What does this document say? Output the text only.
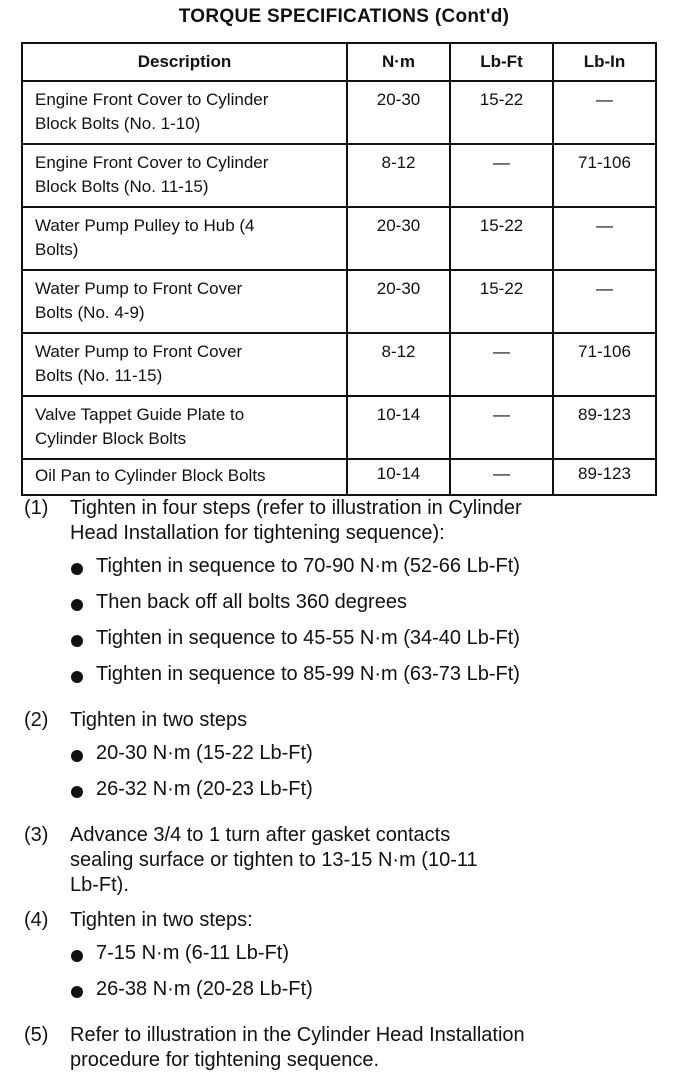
TORQUE SPECIFICATIONS (Cont'd)
Description	N·m	Lb-Ft	Lb-In
Engine Front Cover to Cylinder
Block Bolts (No. 1-10)	20-30	15-22	—
Engine Front Cover to Cylinder
Block Bolts (No. 11-15)	8-12	—	71-106
Water Pump Pulley to Hub (4
Bolts)	20-30	15-22	—
Water Pump to Front Cover
Bolts (No. 4-9)	20-30	15-22	—
Water Pump to Front Cover
Bolts (No. 11-15)	8-12	—	71-106
Valve Tappet Guide Plate to
Cylinder Block Bolts	10-14	—	89-123
Oil Pan to Cylinder Block Bolts	10-14	—	89-123
(1) Tighten in four steps (refer to illustration in Cylinder
Head Installation for tightening sequence):
Tighten in sequence to 70-90 N·m (52-66 Lb-Ft)
Then back off all bolts 360 degrees
Tighten in sequence to 45-55 N·m (34-40 Lb-Ft)
Tighten in sequence to 85-99 N·m (63-73 Lb-Ft)
(2) Tighten in two steps
20-30 N·m (15-22 Lb-Ft)
26-32 N·m (20-23 Lb-Ft)
(3) Advance 3/4 to 1 turn after gasket contacts
sealing surface or tighten to 13-15 N·m (10-11
Lb-Ft).
(4) Tighten in two steps:
7-15 N·m (6-11 Lb-Ft)
26-38 N·m (20-28 Lb-Ft)
(5) Refer to illustration in the Cylinder Head Installation
procedure for tightening sequence.
